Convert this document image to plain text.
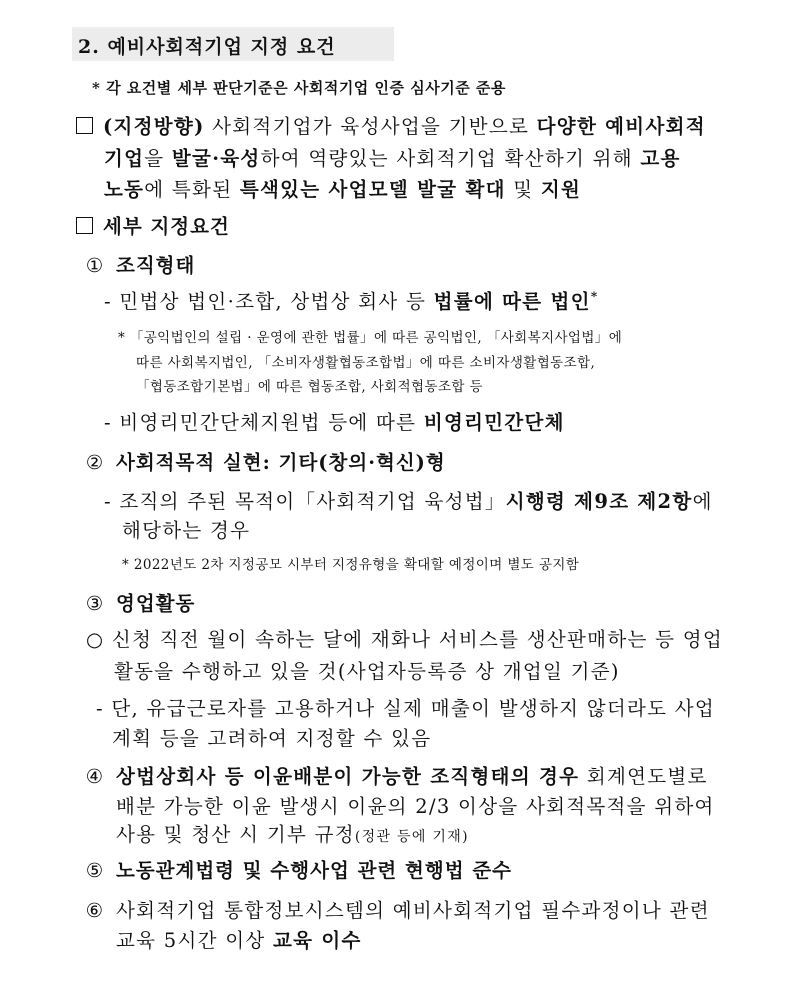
2. 예비사회적기업 지정 요건
* 각 요건별 세부 판단기준은 사회적기업 인증 심사기준 준용
(지정방향) 사회적기업가 육성사업을 기반으로 다양한 예비사회적
기업을 발굴·육성하여 역량있는 사회적기업 확산하기 위해 고용
노동에 특화된 특색있는 사업모델 발굴 확대 및 지원
세부 지정요건
① 조직형태
- 민법상 법인·조합, 상법상 회사 등 법률에 따른 법인*
* 「공익법인의 설립 · 운영에 관한 법률」에 따른 공익법인, 「사회복지사업법」에
따른 사회복지법인, 「소비자생활협동조합법」에 따른 소비자생활협동조합,
「협동조합기본법」에 따른 협동조합, 사회적협동조합 등
- 비영리민간단체지원법 등에 따른 비영리민간단체
② 사회적목적 실현: 기타(창의·혁신)형
- 조직의 주된 목적이「사회적기업 육성법」시행령 제9조 제2항에
해당하는 경우
* 2022년도 2차 지정공모 시부터 지정유형을 확대할 예정이며 별도 공지함
③ 영업활동
○ 신청 직전 월이 속하는 달에 재화나 서비스를 생산판매하는 등 영업
활동을 수행하고 있을 것(사업자등록증 상 개업일 기준)
- 단, 유급근로자를 고용하거나 실제 매출이 발생하지 않더라도 사업
계획 등을 고려하여 지정할 수 있음
④ 상법상회사 등 이윤배분이 가능한 조직형태의 경우 회계연도별로
배분 가능한 이윤 발생시 이윤의 2/3 이상을 사회적목적을 위하여
사용 및 청산 시 기부 규정(정관 등에 기재)
⑤ 노동관계법령 및 수행사업 관련 현행법 준수
⑥ 사회적기업 통합정보시스템의 예비사회적기업 필수과정이나 관련
교육 5시간 이상 교육 이수
